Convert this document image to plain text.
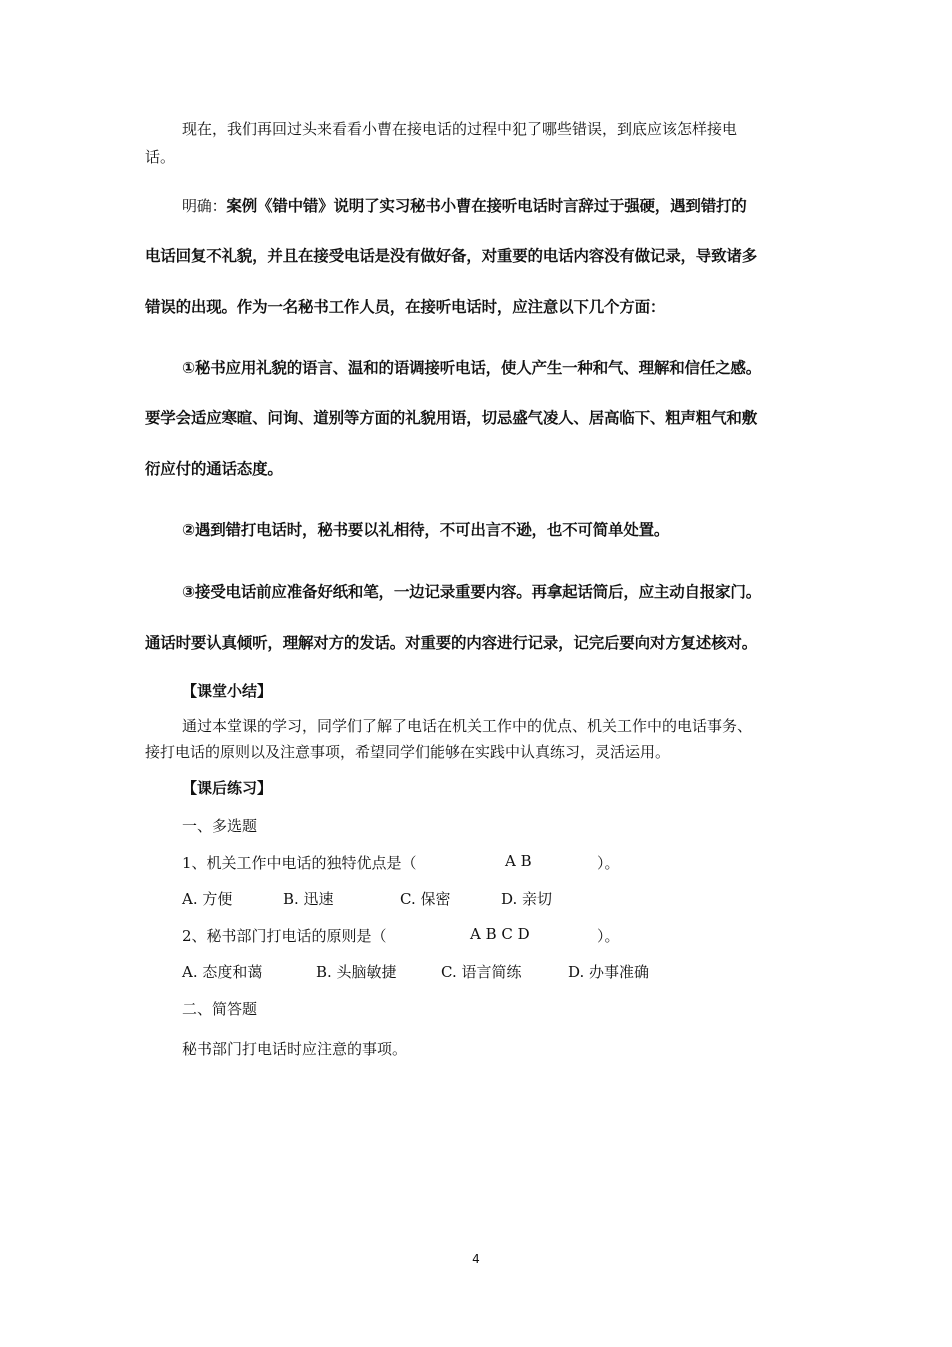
现在，我们再回过头来看看小曹在接电话的过程中犯了哪些错误，到底应该怎样接电
话。
明确：案例《错中错》说明了实习秘书小曹在接听电话时言辞过于强硬，遇到错打的
电话回复不礼貌，并且在接受电话是没有做好备，对重要的电话内容没有做记录，导致诸多
错误的出现。作为一名秘书工作人员，在接听电话时，应注意以下几个方面：
①秘书应用礼貌的语言、温和的语调接听电话，使人产生一种和气、理解和信任之感。
要学会适应寒暄、问询、道别等方面的礼貌用语，切忌盛气凌人、居高临下、粗声粗气和敷
衍应付的通话态度。
②遇到错打电话时，秘书要以礼相待，不可出言不逊，也不可简单处置。
③接受电话前应准备好纸和笔，一边记录重要内容。再拿起话筒后，应主动自报家门。
通话时要认真倾听，理解对方的发话。对重要的内容进行记录，记完后要向对方复述核对。
【课堂小结】
通过本堂课的学习，同学们了解了电话在机关工作中的优点、机关工作中的电话事务、
接打电话的原则以及注意事项，希望同学们能够在实践中认真练习，灵活运用。
【课后练习】
一、多选题
1、机关工作中电话的独特优点是（	A B	）。
A. 方便	B. 迅速	C. 保密	D. 亲切
2、秘书部门打电话的原则是（	A B C D	）。
A. 态度和蔼	B. 头脑敏捷	C. 语言简练	D. 办事准确
二、简答题
秘书部门打电话时应注意的事项。
4
